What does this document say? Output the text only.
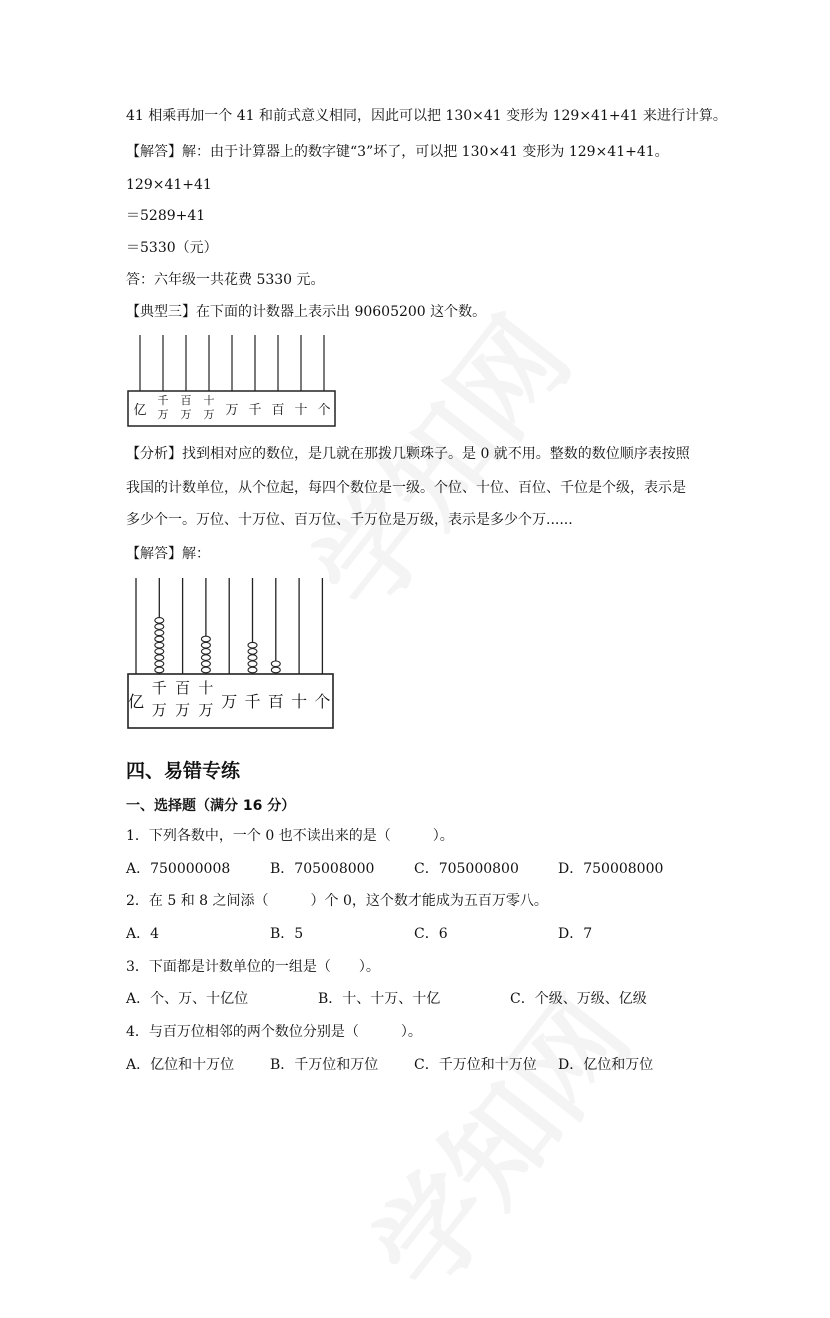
41 相乘再加一个 41 和前式意义相同，因此可以把 130×41 变形为 129×41+41 来进行计算。
【解答】解：由于计算器上的数字键“3”坏了，可以把 130×41 变形为 129×41+41。
129×41+41
＝5289+41
＝5330（元）
答：六年级一共花费 5330 元。
【典型三】在下面的计数器上表示出 90605200 这个数。
亿
千
万
百
万
十
万 万 千 百 十 个
【分析】找到相对应的数位，是几就在那拨几颗珠子。是 0 就不用。整数的数位顺序表按照
我国的计数单位，从个位起，每四个数位是一级。个位、十位、百位、千位是个级，表示是
多少个一。万位、十万位、百万位、千万位是万级，表示是多少个万......
【解答】解：
亿
千
万
百
万
十
万 万 千 百 十 个
四、易错专练
一、选择题（满分 16 分）
1．下列各数中，一个 0 也不读出来的是（　　　）。
A．750000008	B．705008000	C．705000800	D．750008000
2．在 5 和 8 之间添（　　　）个 0，这个数才能成为五百万零八。
A．4	B．5	C．6	D．7
3．下面都是计数单位的一组是（　　）。
A．个、万、十亿位	B．十、十万、十亿	C．个级、万级、亿级
4．与百万位相邻的两个数位分别是（　　　）。
A．亿位和十万位	B．千万位和万位	C．千万位和十万位 D．亿位和万位
